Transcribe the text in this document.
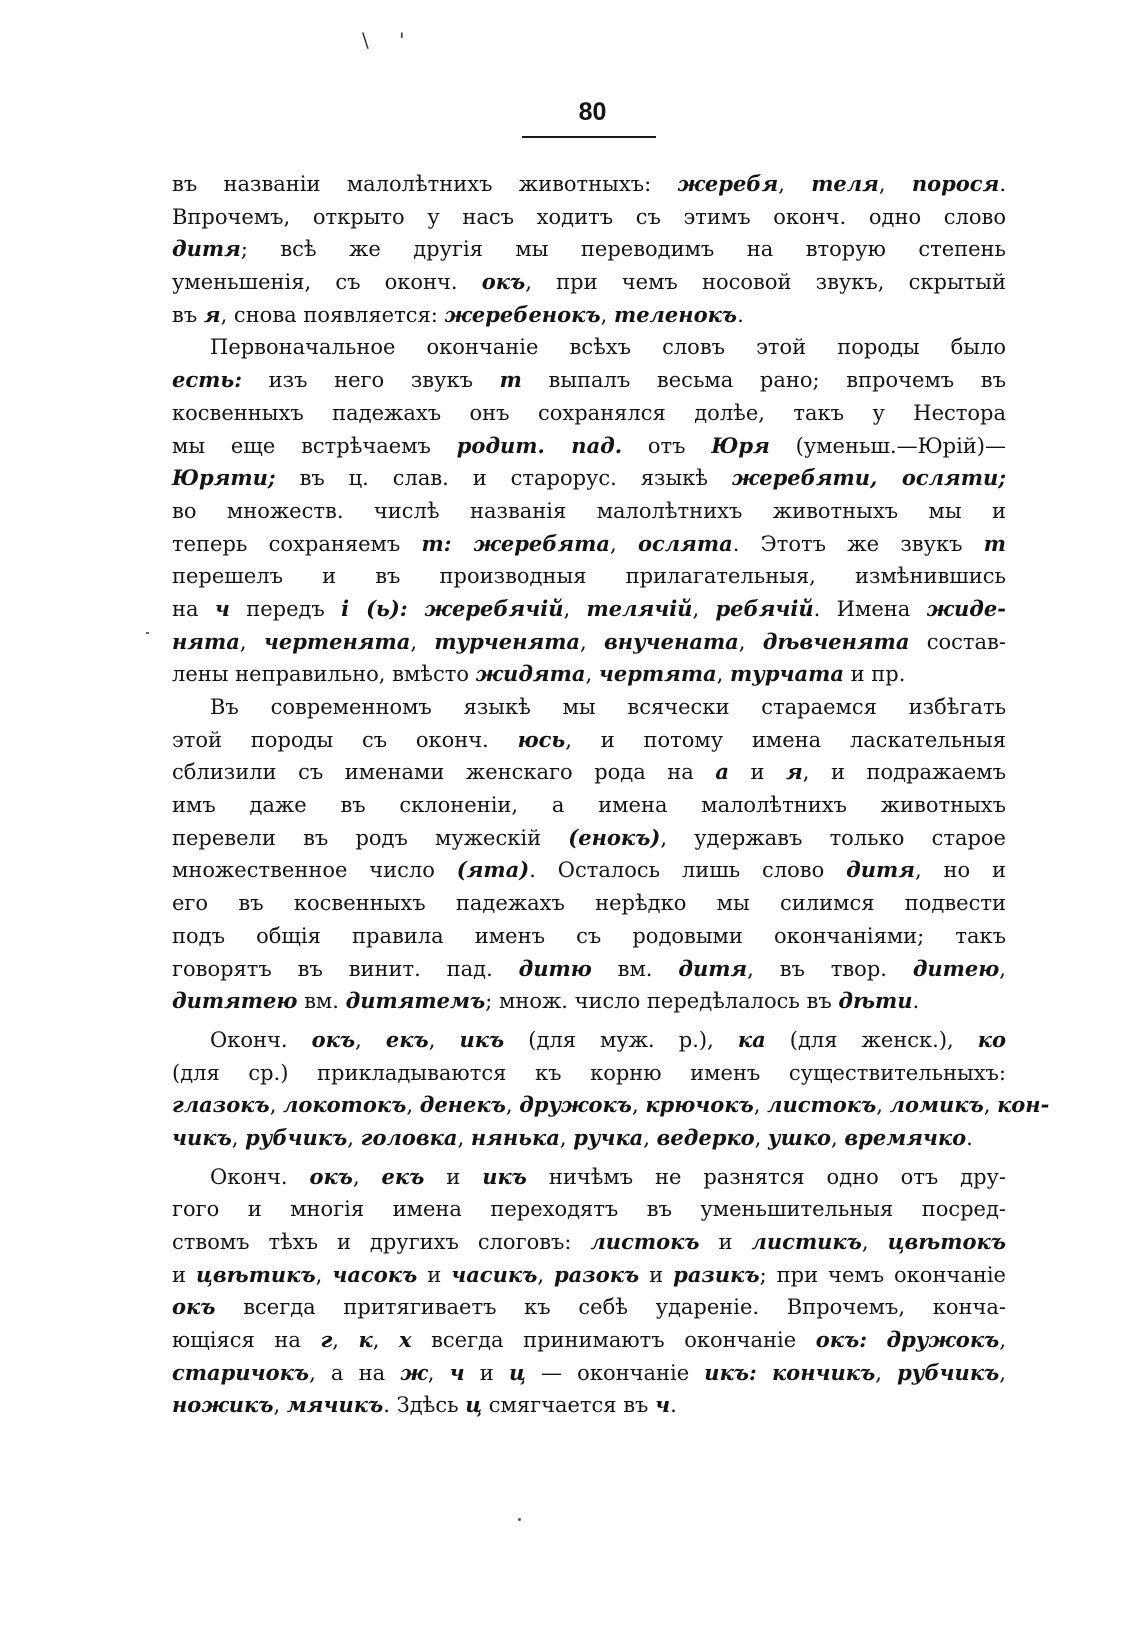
\ '
80
въ названіи малолѣтнихъ животныхъ: жеребя, теля, порося.
Впрочемъ, открыто у насъ ходитъ съ этимъ оконч. одно слово
дитя; всѣ же другія мы переводимъ на вторую степень
уменьшенія, съ оконч. окъ, при чемъ носовой звукъ, скрытый
въ я, снова появляется: жеребенокъ, теленокъ.
Первоначальное окончаніе всѣхъ словъ этой породы было
есть: изъ него звукъ т выпалъ весьма рано; впрочемъ въ
косвенныхъ падежахъ онъ сохранялся долѣе, такъ у Нестора
мы еще встрѣчаемъ родит. пад. отъ Юря (уменьш.—Юрій)—
Юряти; въ ц. слав. и старорус. языкѣ жеребяти, осляти;
во множеств. числѣ названія малолѣтнихъ животныхъ мы и
теперь сохраняемъ т: жеребята, ослята. Этотъ же звукъ т
перешелъ и въ производныя прилагательныя, измѣнившись
на ч передъ і (ь): жеребячій, телячій, ребячій. Имена жиде-
нята, чертенята, турченята, внучената, дѣвченята состав-
лены неправильно, вмѣсто жидята, чертята, турчата и пр.
Въ современномъ языкѣ мы всячески стараемся избѣгать
этой породы съ оконч. юсь, и потому имена ласкательныя
сблизили съ именами женскаго рода на а и я, и подражаемъ
имъ даже въ склоненіи, а имена малолѣтнихъ животныхъ
перевели въ родъ мужескій (енокъ), удержавъ только старое
множественное число (ята). Осталось лишь слово дитя, но и
его въ косвенныхъ падежахъ нерѣдко мы силимся подвести
подъ общія правила именъ съ родовыми окончаніями; такъ
говорятъ въ винит. пад. дитю вм. дитя, въ твор. дитею,
дитятею вм. дитятемъ; множ. число передѣлалось въ дѣти.
Оконч. окъ, екъ, икъ (для муж. р.), ка (для женск.), ко
(для ср.) прикладываются къ корню именъ существительныхъ:
глазокъ, локотокъ, денекъ, дружокъ, крючокъ, листокъ, ломикъ, кон-
чикъ, рубчикъ, головка, нянька, ручка, ведерко, ушко, времячко.
Оконч. окъ, екъ и икъ ничѣмъ не разнятся одно отъ дру-
гого и многія имена переходятъ въ уменьшительныя посред-
ствомъ тѣхъ и другихъ слоговъ: листокъ и листикъ, цвѣтокъ
и цвѣтикъ, часокъ и часикъ, разокъ и разикъ; при чемъ окончаніе
окъ всегда притягиваетъ къ себѣ удареніе. Впрочемъ, конча-
ющіяся на г, к, х всегда принимаютъ окончаніе окъ: дружокъ,
старичокъ, а на ж, ч и ц — окончаніе икъ: кончикъ, рубчикъ,
ножикъ, мячикъ. Здѣсь ц смягчается въ ч.
